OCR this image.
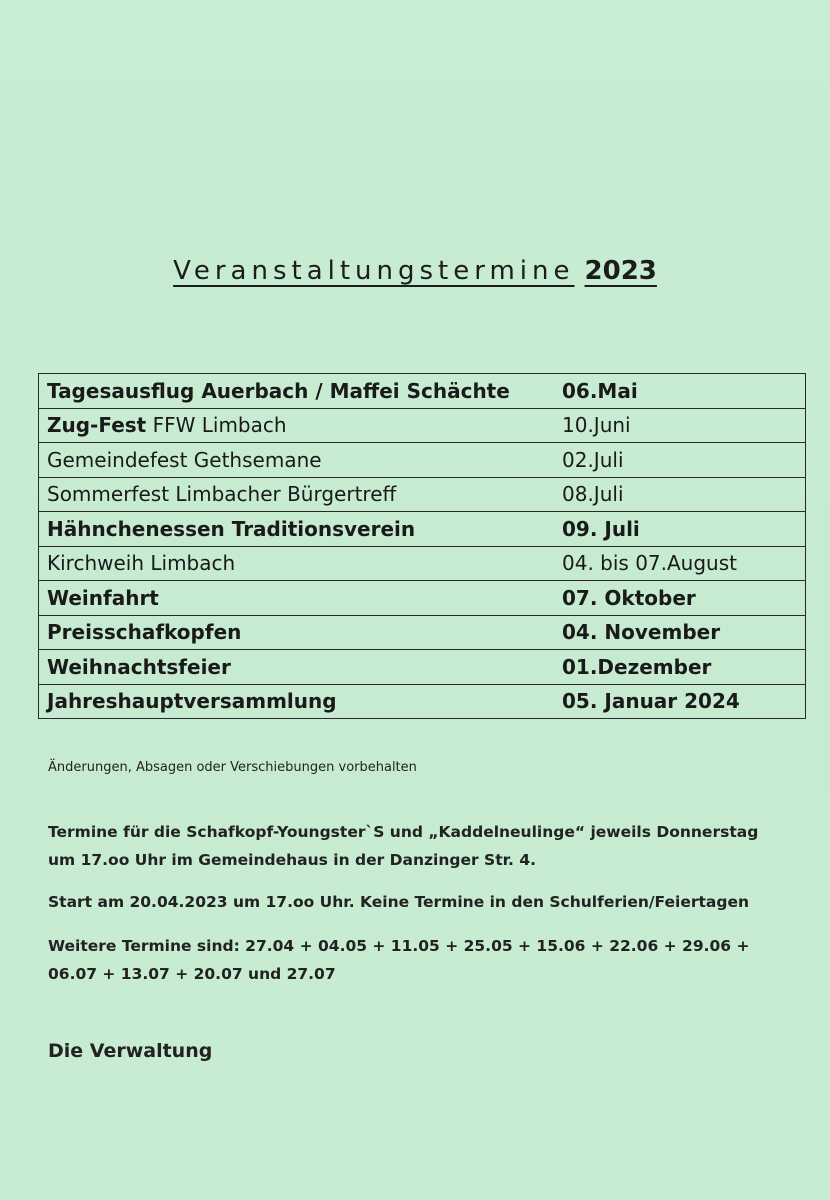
Veranstaltungstermine 2023
Tagesausflug Auerbach / Maffei Schächte	06.Mai
Zug-Fest FFW Limbach	10.Juni
Gemeindefest Gethsemane	02.Juli
Sommerfest Limbacher Bürgertreff	08.Juli
Hähnchenessen Traditionsverein	09. Juli
Kirchweih Limbach	04. bis 07.August
Weinfahrt	07. Oktober
Preisschafkopfen	04. November
Weihnachtsfeier	01.Dezember
Jahreshauptversammlung	05. Januar 2024
Änderungen, Absagen oder Verschiebungen vorbehalten
Termine für die Schafkopf-Youngster`S und „Kaddelneulinge“ jeweils Donnerstag
um 17.oo Uhr im Gemeindehaus in der Danzinger Str. 4.
Start am 20.04.2023 um 17.oo Uhr. Keine Termine in den Schulferien/Feiertagen
Weitere Termine sind: 27.04 + 04.05 + 11.05 + 25.05 + 15.06 + 22.06 + 29.06 +
06.07 + 13.07 + 20.07 und 27.07
Die Verwaltung
